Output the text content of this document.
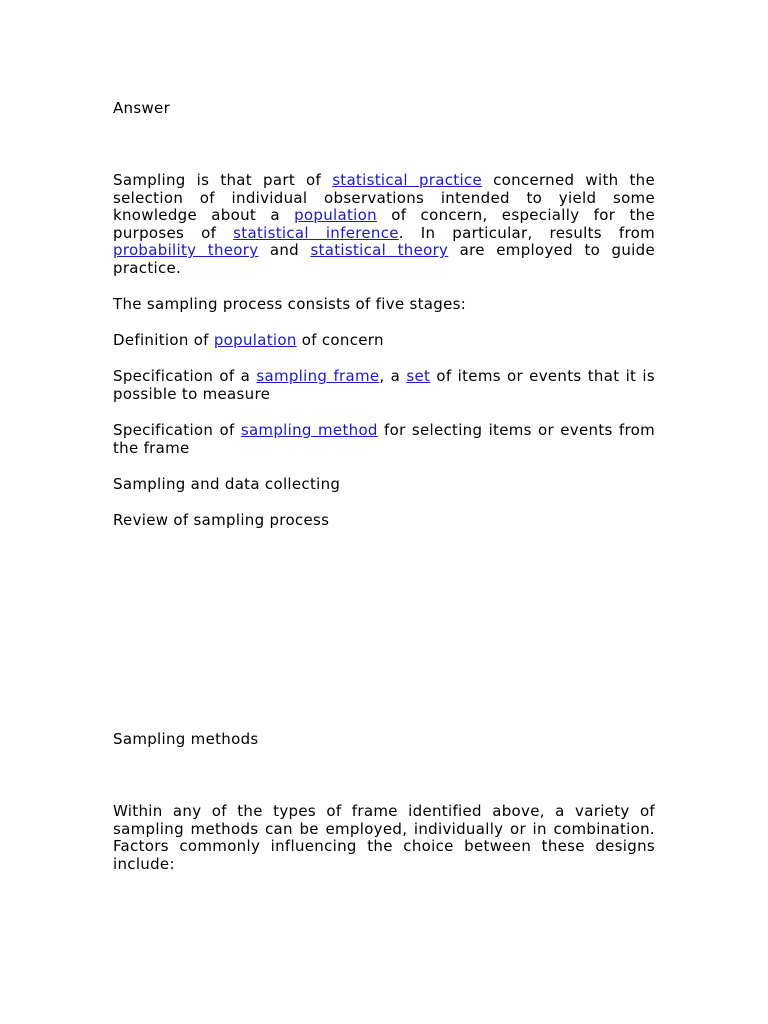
Answer

Sampling is that part of statistical practice concerned with the selection of individual observations intended to yield some knowledge about a population of concern, especially for the purposes of statistical inference. In particular, results from probability theory and statistical theory are employed to guide practice.

The sampling process consists of five stages:

Definition of population of concern

Specification of a sampling frame, a set of items or events that it is possible to measure

Specification of sampling method for selecting items or events from the frame

Sampling and data collecting

Review of sampling process

Sampling methods

Within any of the types of frame identified above, a variety of sampling methods can be employed, individually or in combination. Factors commonly influencing the choice between these designs include:
